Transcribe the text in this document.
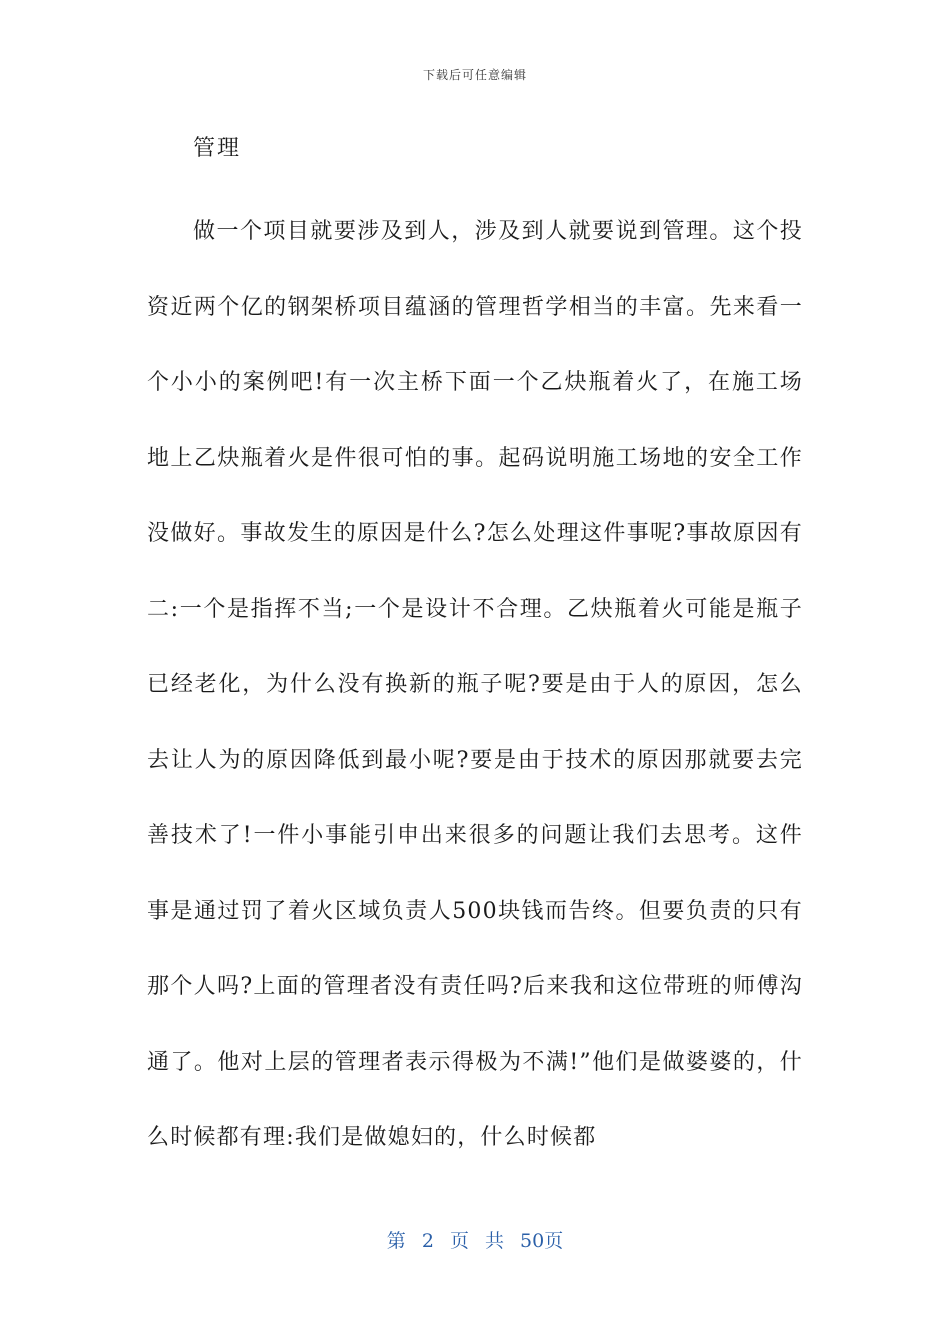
下载后可任意编辑
管理

做一个项目就要涉及到人，涉及到人就要说到管理。这个投资近两个亿的钢架桥项目蕴涵的管理哲学相当的丰富。先来看一个小小的案例吧!有一次主桥下面一个乙炔瓶着火了，在施工场地上乙炔瓶着火是件很可怕的事。起码说明施工场地的安全工作没做好。事故发生的原因是什么?怎么处理这件事呢?事故原因有二:一个是指挥不当;一个是设计不合理。乙炔瓶着火可能是瓶子已经老化，为什么没有换新的瓶子呢?要是由于人的原因，怎么去让人为的原因降低到最小呢?要是由于技术的原因那就要去完善技术了!一件小事能引申出来很多的问题让我们去思考。这件事是通过罚了着火区域负责人500块钱而告终。但要负责的只有那个人吗?上面的管理者没有责任吗?后来我和这位带班的师傅沟通了。他对上层的管理者表示得极为不满!”他们是做婆婆的，什么时候都有理:我们是做媳妇的，什么时候都

第 2 页 共 50页
